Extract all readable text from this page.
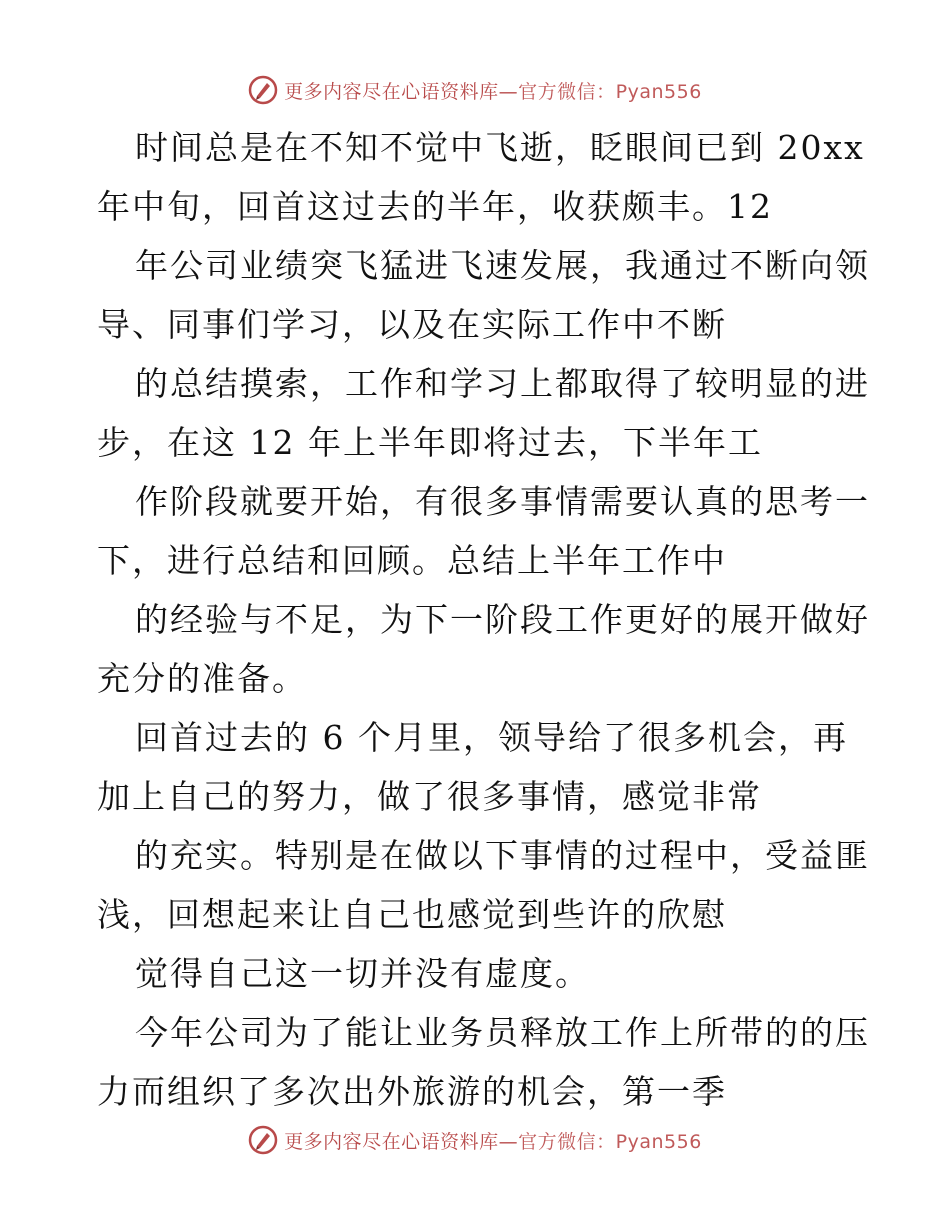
更多内容尽在心语资料库—官方微信：Pyan556
时间总是在不知不觉中飞逝，眨眼间已到 20xx
年中旬，回首这过去的半年，收获颇丰。12
年公司业绩突飞猛进飞速发展，我通过不断向领
导、同事们学习，以及在实际工作中不断
的总结摸索，工作和学习上都取得了较明显的进
步，在这 12 年上半年即将过去，下半年工
作阶段就要开始，有很多事情需要认真的思考一
下，进行总结和回顾。总结上半年工作中
的经验与不足，为下一阶段工作更好的展开做好
充分的准备。
回首过去的 6 个月里，领导给了很多机会，再
加上自己的努力，做了很多事情，感觉非常
的充实。特别是在做以下事情的过程中，受益匪
浅，回想起来让自己也感觉到些许的欣慰
觉得自己这一切并没有虚度。
今年公司为了能让业务员释放工作上所带的的压
力而组织了多次出外旅游的机会，第一季
更多内容尽在心语资料库—官方微信：Pyan556
